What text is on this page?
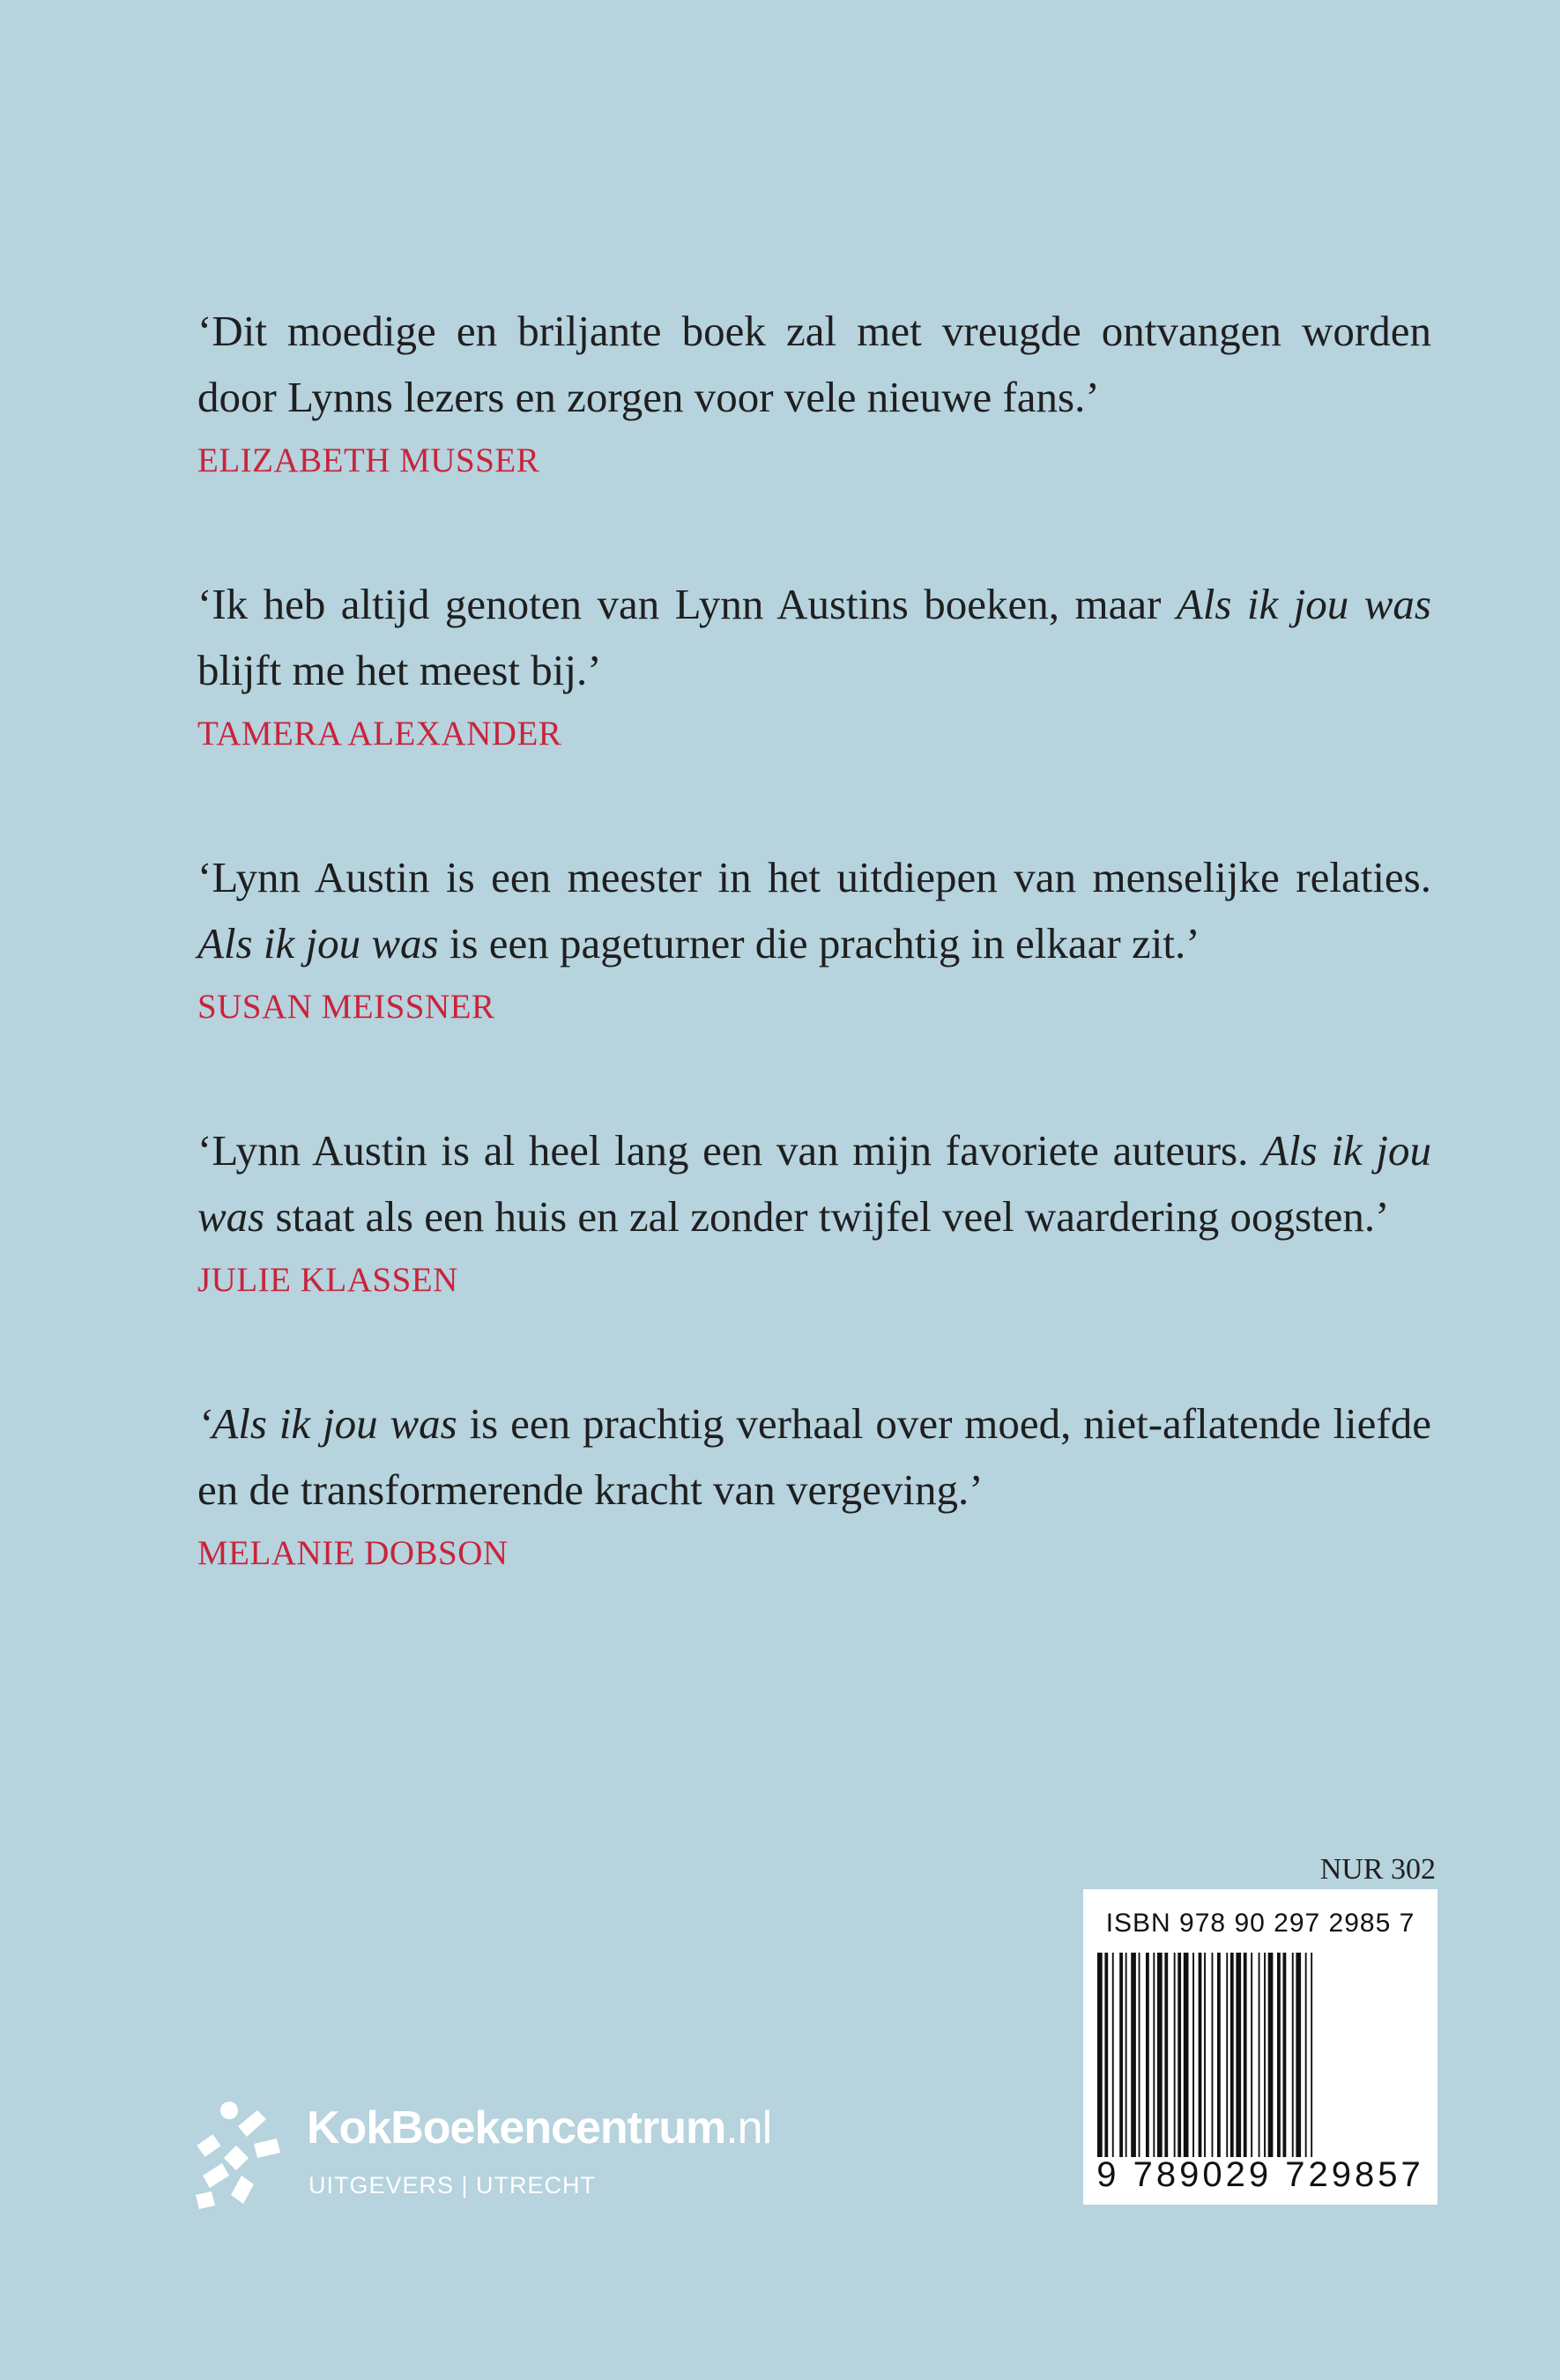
‘Dit moedige en briljante boek zal met vreugde ontvangen worden door Lynns lezers en zorgen voor vele nieuwe fans.’

ELIZABETH MUSSER

‘Ik heb altijd genoten van Lynn Austins boeken, maar Als ik jou was blijft me het meest bij.’

TAMERA ALEXANDER

‘Lynn Austin is een meester in het uitdiepen van menselijke relaties. Als ik jou was is een pageturner die prachtig in elkaar zit.’

SUSAN MEISSNER

‘Lynn Austin is al heel lang een van mijn favoriete auteurs. Als ik jou was staat als een huis en zal zonder twijfel veel waardering oogsten.’

JULIE KLASSEN

‘Als ik jou was is een prachtig verhaal over moed, niet-aflatende liefde en de transformerende kracht van vergeving.’

MELANIE DOBSON

NUR 302
ISBN 978 90 297 2985 7
9 789029 729857
KokBoekencentrum.nl
UITGEVERS | UTRECHT
